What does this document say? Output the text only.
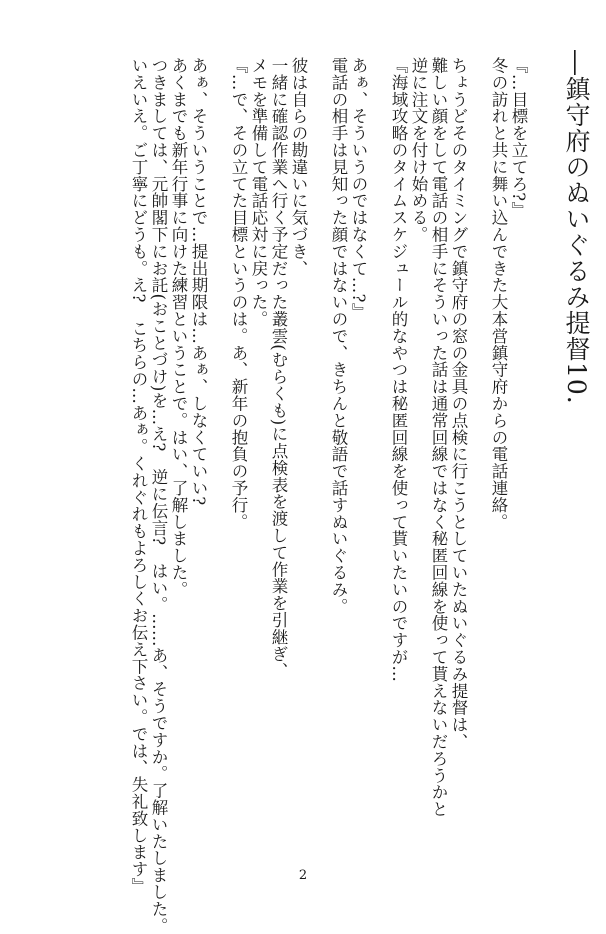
―鎮守府のぬいぐるみ提督10.
『…目標を立てろ?』
冬の訪れと共に舞い込んできた大本営鎮守府からの電話連絡。
ちょうどそのタイミングで鎮守府の窓の金具の点検に行こうとしていたぬいぐるみ提督は、
難しい顔をして電話の相手にそういった話は通常回線ではなく秘匿回線を使って貰えないだろうかと
逆に注文を付け始める。
『海域攻略のタイムスケジュール的なやつは秘匿回線を使って貰いたいのですが…
あぁ、そういうのではなくて…?』
電話の相手は見知った顔ではないので、きちんと敬語で話すぬいぐるみ。
彼は自らの勘違いに気づき、
一緒に確認作業へ行く予定だった叢雲(むらくも)に点検表を渡して作業を引継ぎ、
メモを準備して電話応対に戻った。
『…で、その立てた目標というのは。あ、新年の抱負の予行。
あぁ、そういうことで…提出期限は…あぁ、しなくていい?
あくまでも新年行事に向けた練習ということで。はい、了解しました。
つきましては、元帥閣下にお託(おことづけ)を…え?　逆に伝言?　はい。……あ、そうですか。了解いたしました。
いえいえ。ご丁寧にどうも。え?　こちらの…あぁ。くれぐれもよろしくお伝え下さい。では、失礼致します』	2
